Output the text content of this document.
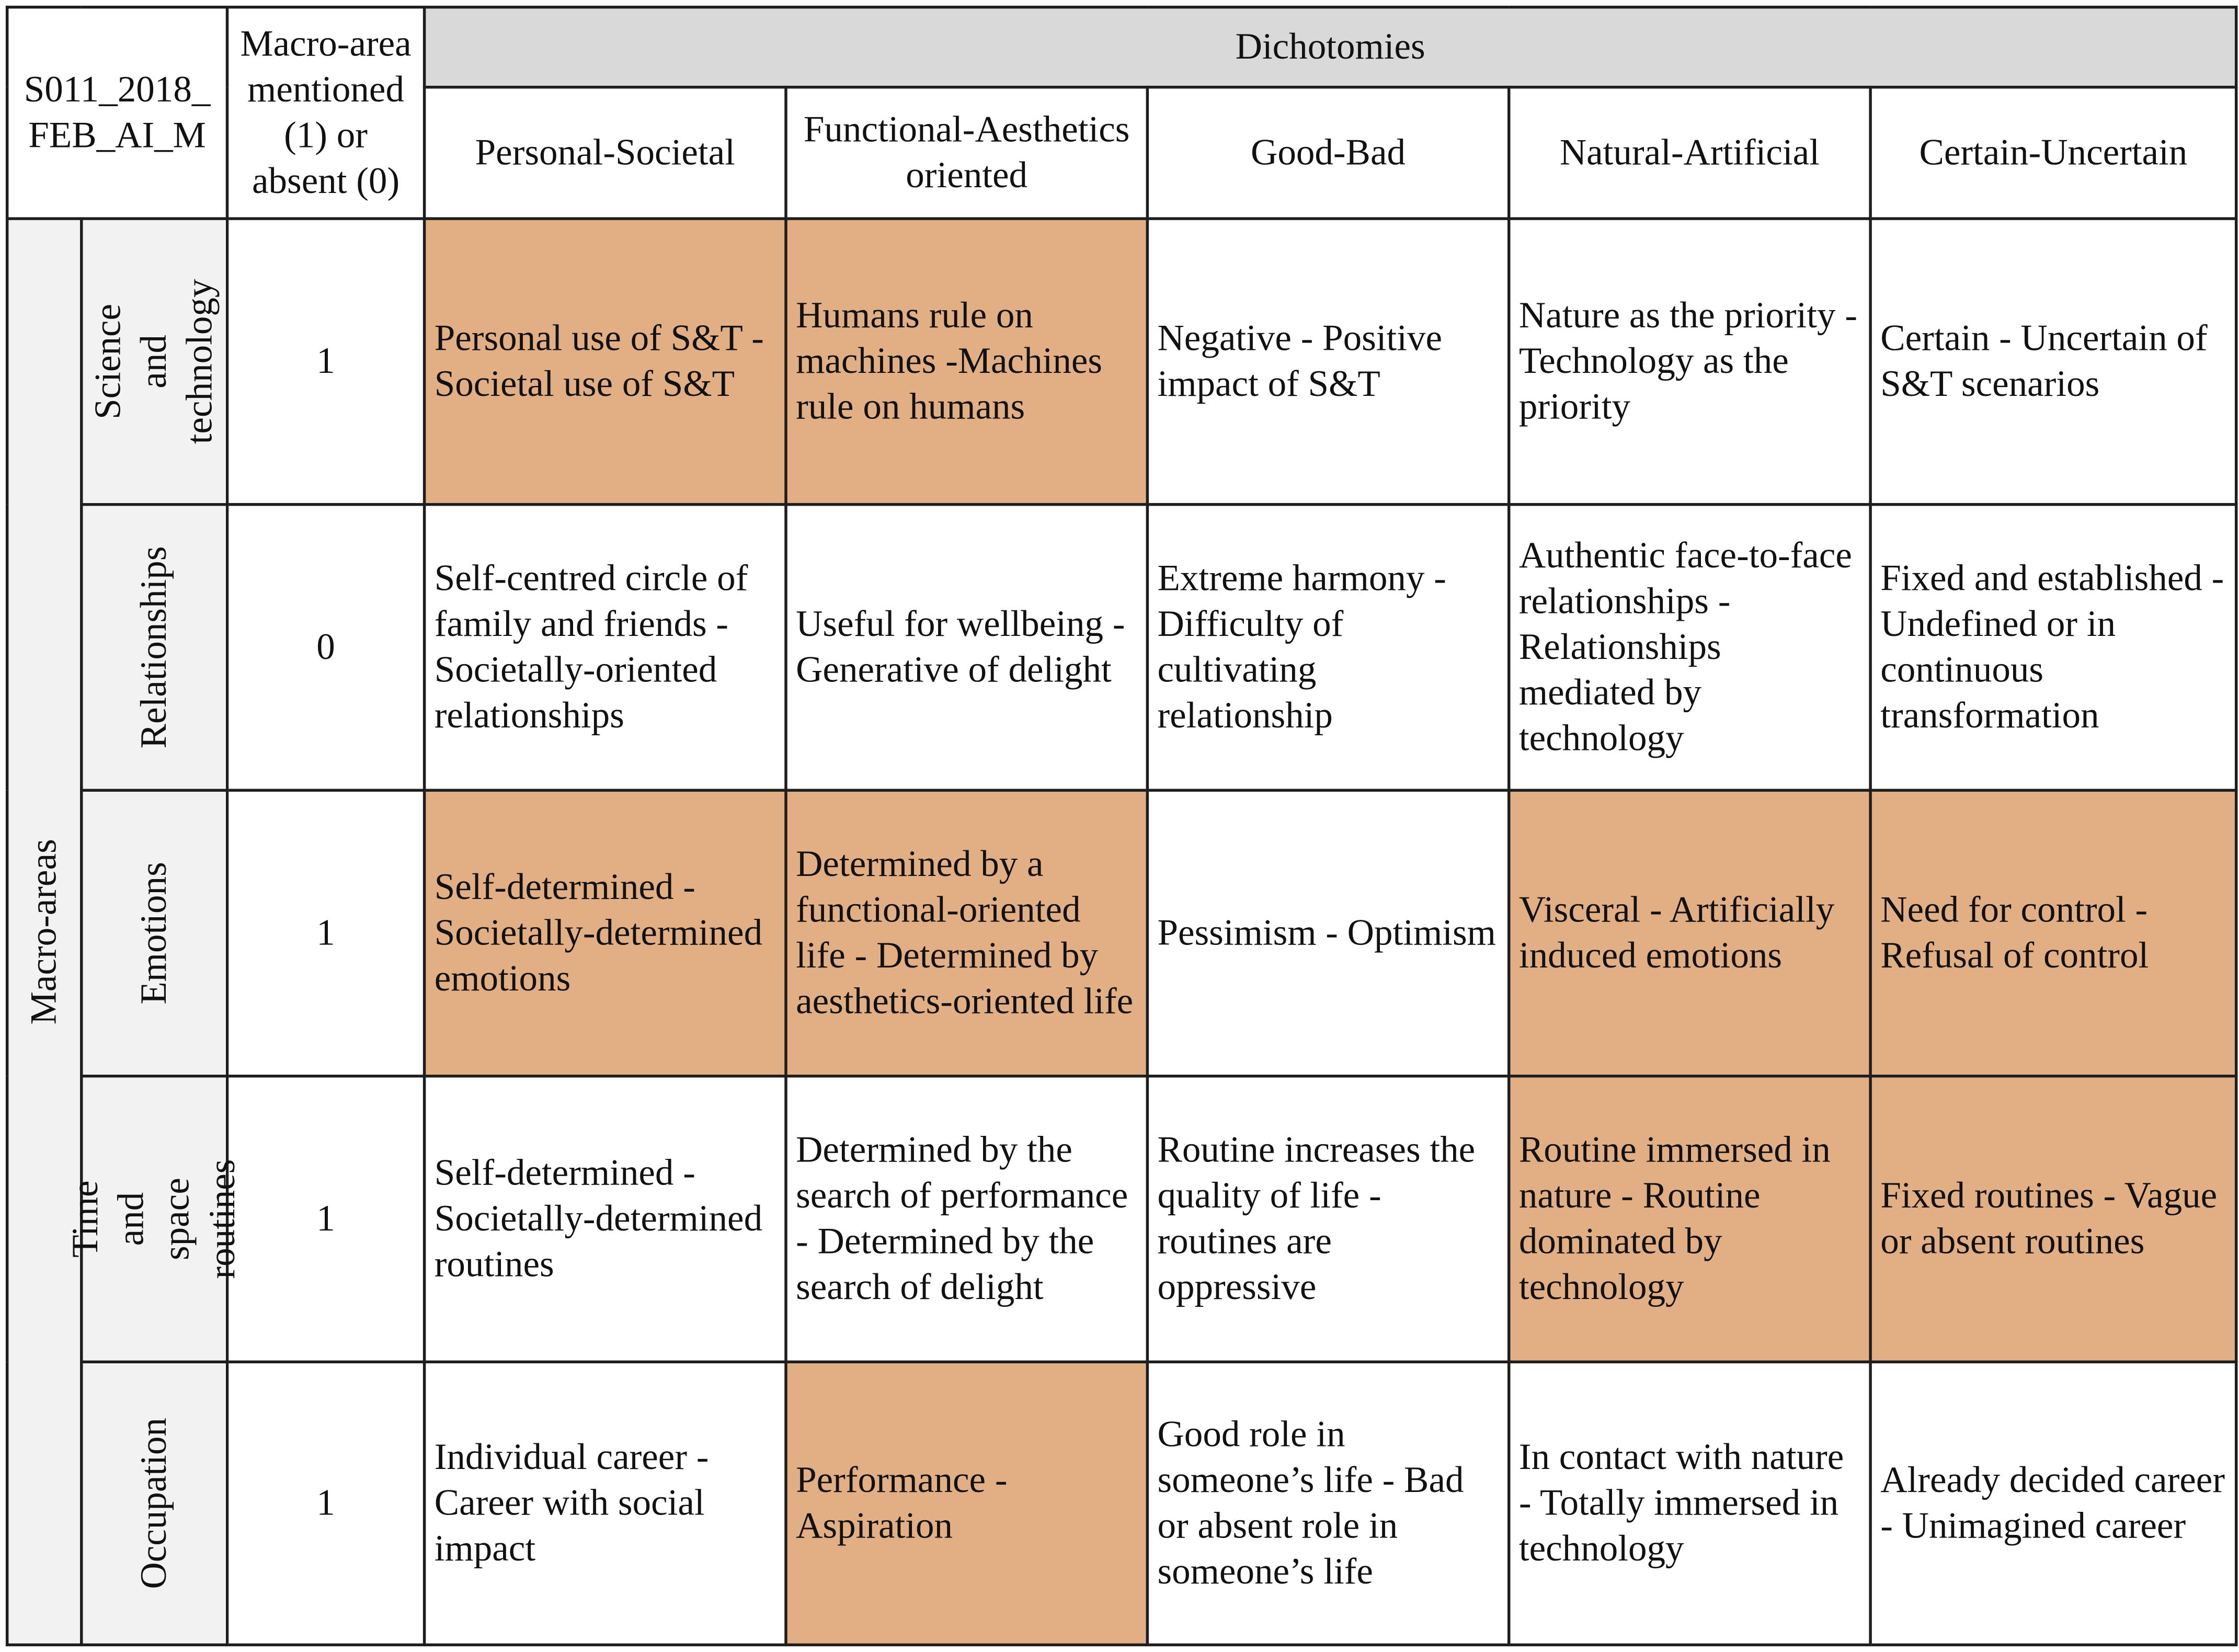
S011_2018_
FEB_AI_M		Macro-area
mentioned
(1) or
absent (0)	Dichotomies				
			Personal-Societal	Functional-Aesthetics
oriented	Good-Bad	Natural-Artificial	Certain-Uncertain

Macro-areas	Science and
technology	1	Personal use of S&T - Societal use of S&T	Humans rule on machines -Machines rule on humans	Negative - Positive impact of S&T	Nature as the priority - Technology as the priority	Certain - Uncertain of S&T scenarios

	Relationships	0	Self-centred circle of family and friends - Societally-oriented relationships	Useful for wellbeing - Generative of delight	Extreme harmony - Difficulty of cultivating relationship	Authentic face-to-face relationships - Relationships mediated by technology	Fixed and established - Undefined or in continuous transformation

	Emotions	1	Self-determined - Societally-determined emotions	Determined by a functional-oriented life - Determined by aesthetics-oriented life	Pessimism - Optimism	Visceral - Artificially induced emotions	Need for control - Refusal of control

	Time and
space
routines	1	Self-determined - Societally-determined routines	Determined by the search of performance - Determined by the search of delight	Routine increases the quality of life - routines are oppressive	Routine immersed in nature - Routine dominated by technology	Fixed routines - Vague or absent routines

	Occupation	1	Individual career - Career with social impact	Performance - Aspiration	Good role in someone’s life - Bad or absent role in someone’s life	In contact with nature - Totally immersed in technology	Already decided career - Unimagined career
